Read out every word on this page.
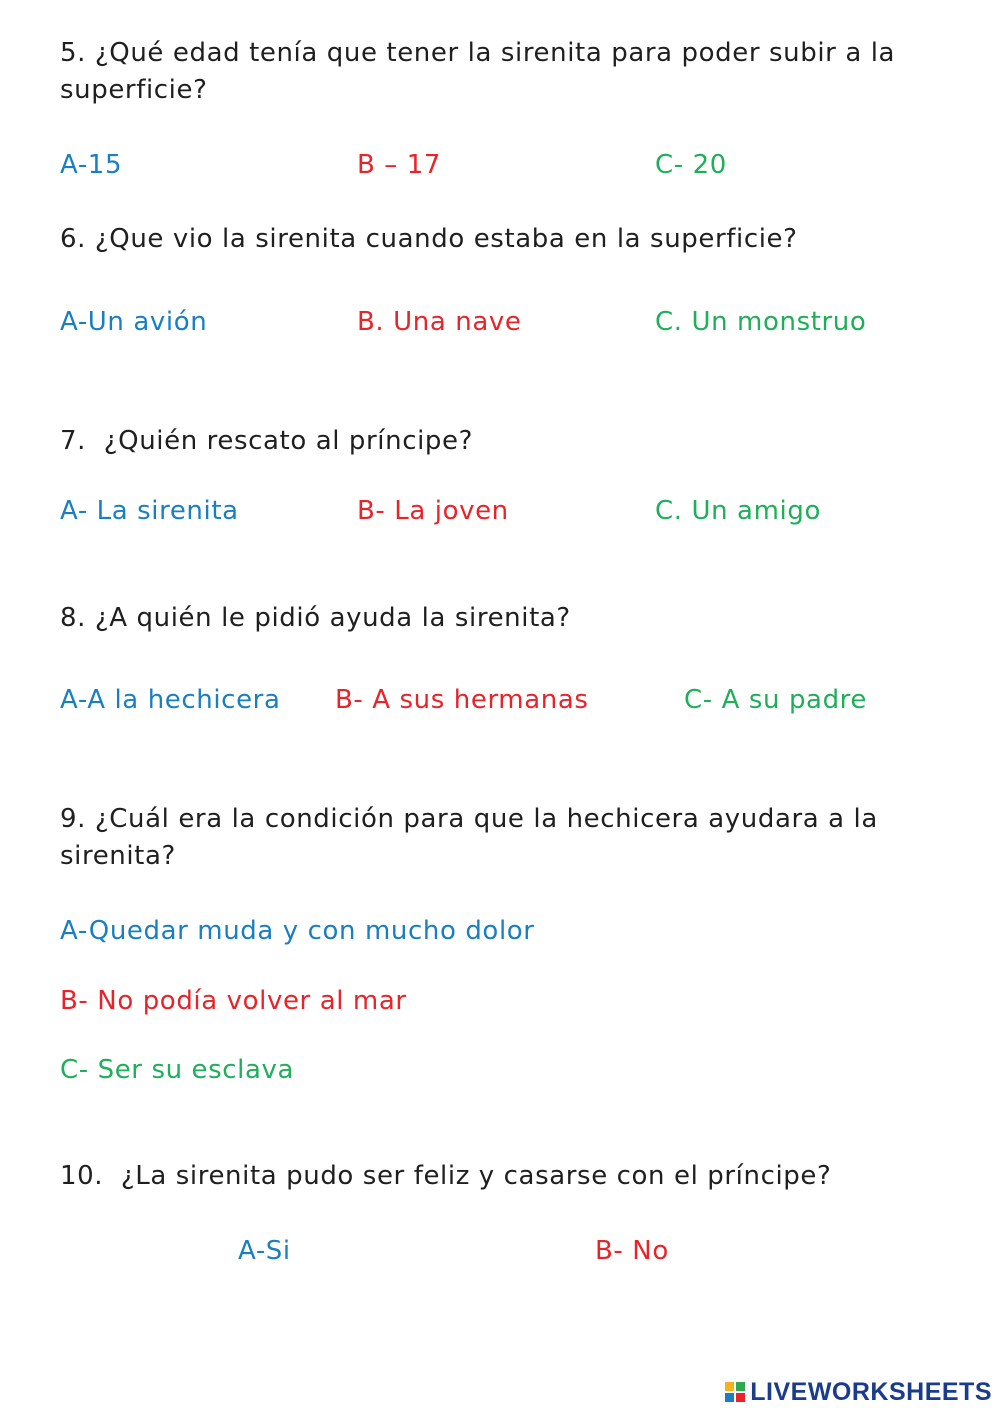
5. ¿Qué edad tenía que tener la sirenita para poder subir a la superficie?

A-15	B – 17	C- 20

6. ¿Que vio la sirenita cuando estaba en la superficie?

A-Un avión	B. Una nave	C. Un monstruo

7.  ¿Quién rescato al príncipe?

A- La sirenita	B- La joven	C. Un amigo

8. ¿A quién le pidió ayuda la sirenita?

A-A la hechicera B- A sus hermanas	C- A su padre

9. ¿Cuál era la condición para que la hechicera ayudara a la sirenita?

A-Quedar muda y con mucho dolor
B- No podía volver al mar
C- Ser su esclava

10.  ¿La sirenita pudo ser feliz y casarse con el príncipe?

A-Si	B- No
LIVEWORKSHEETS
